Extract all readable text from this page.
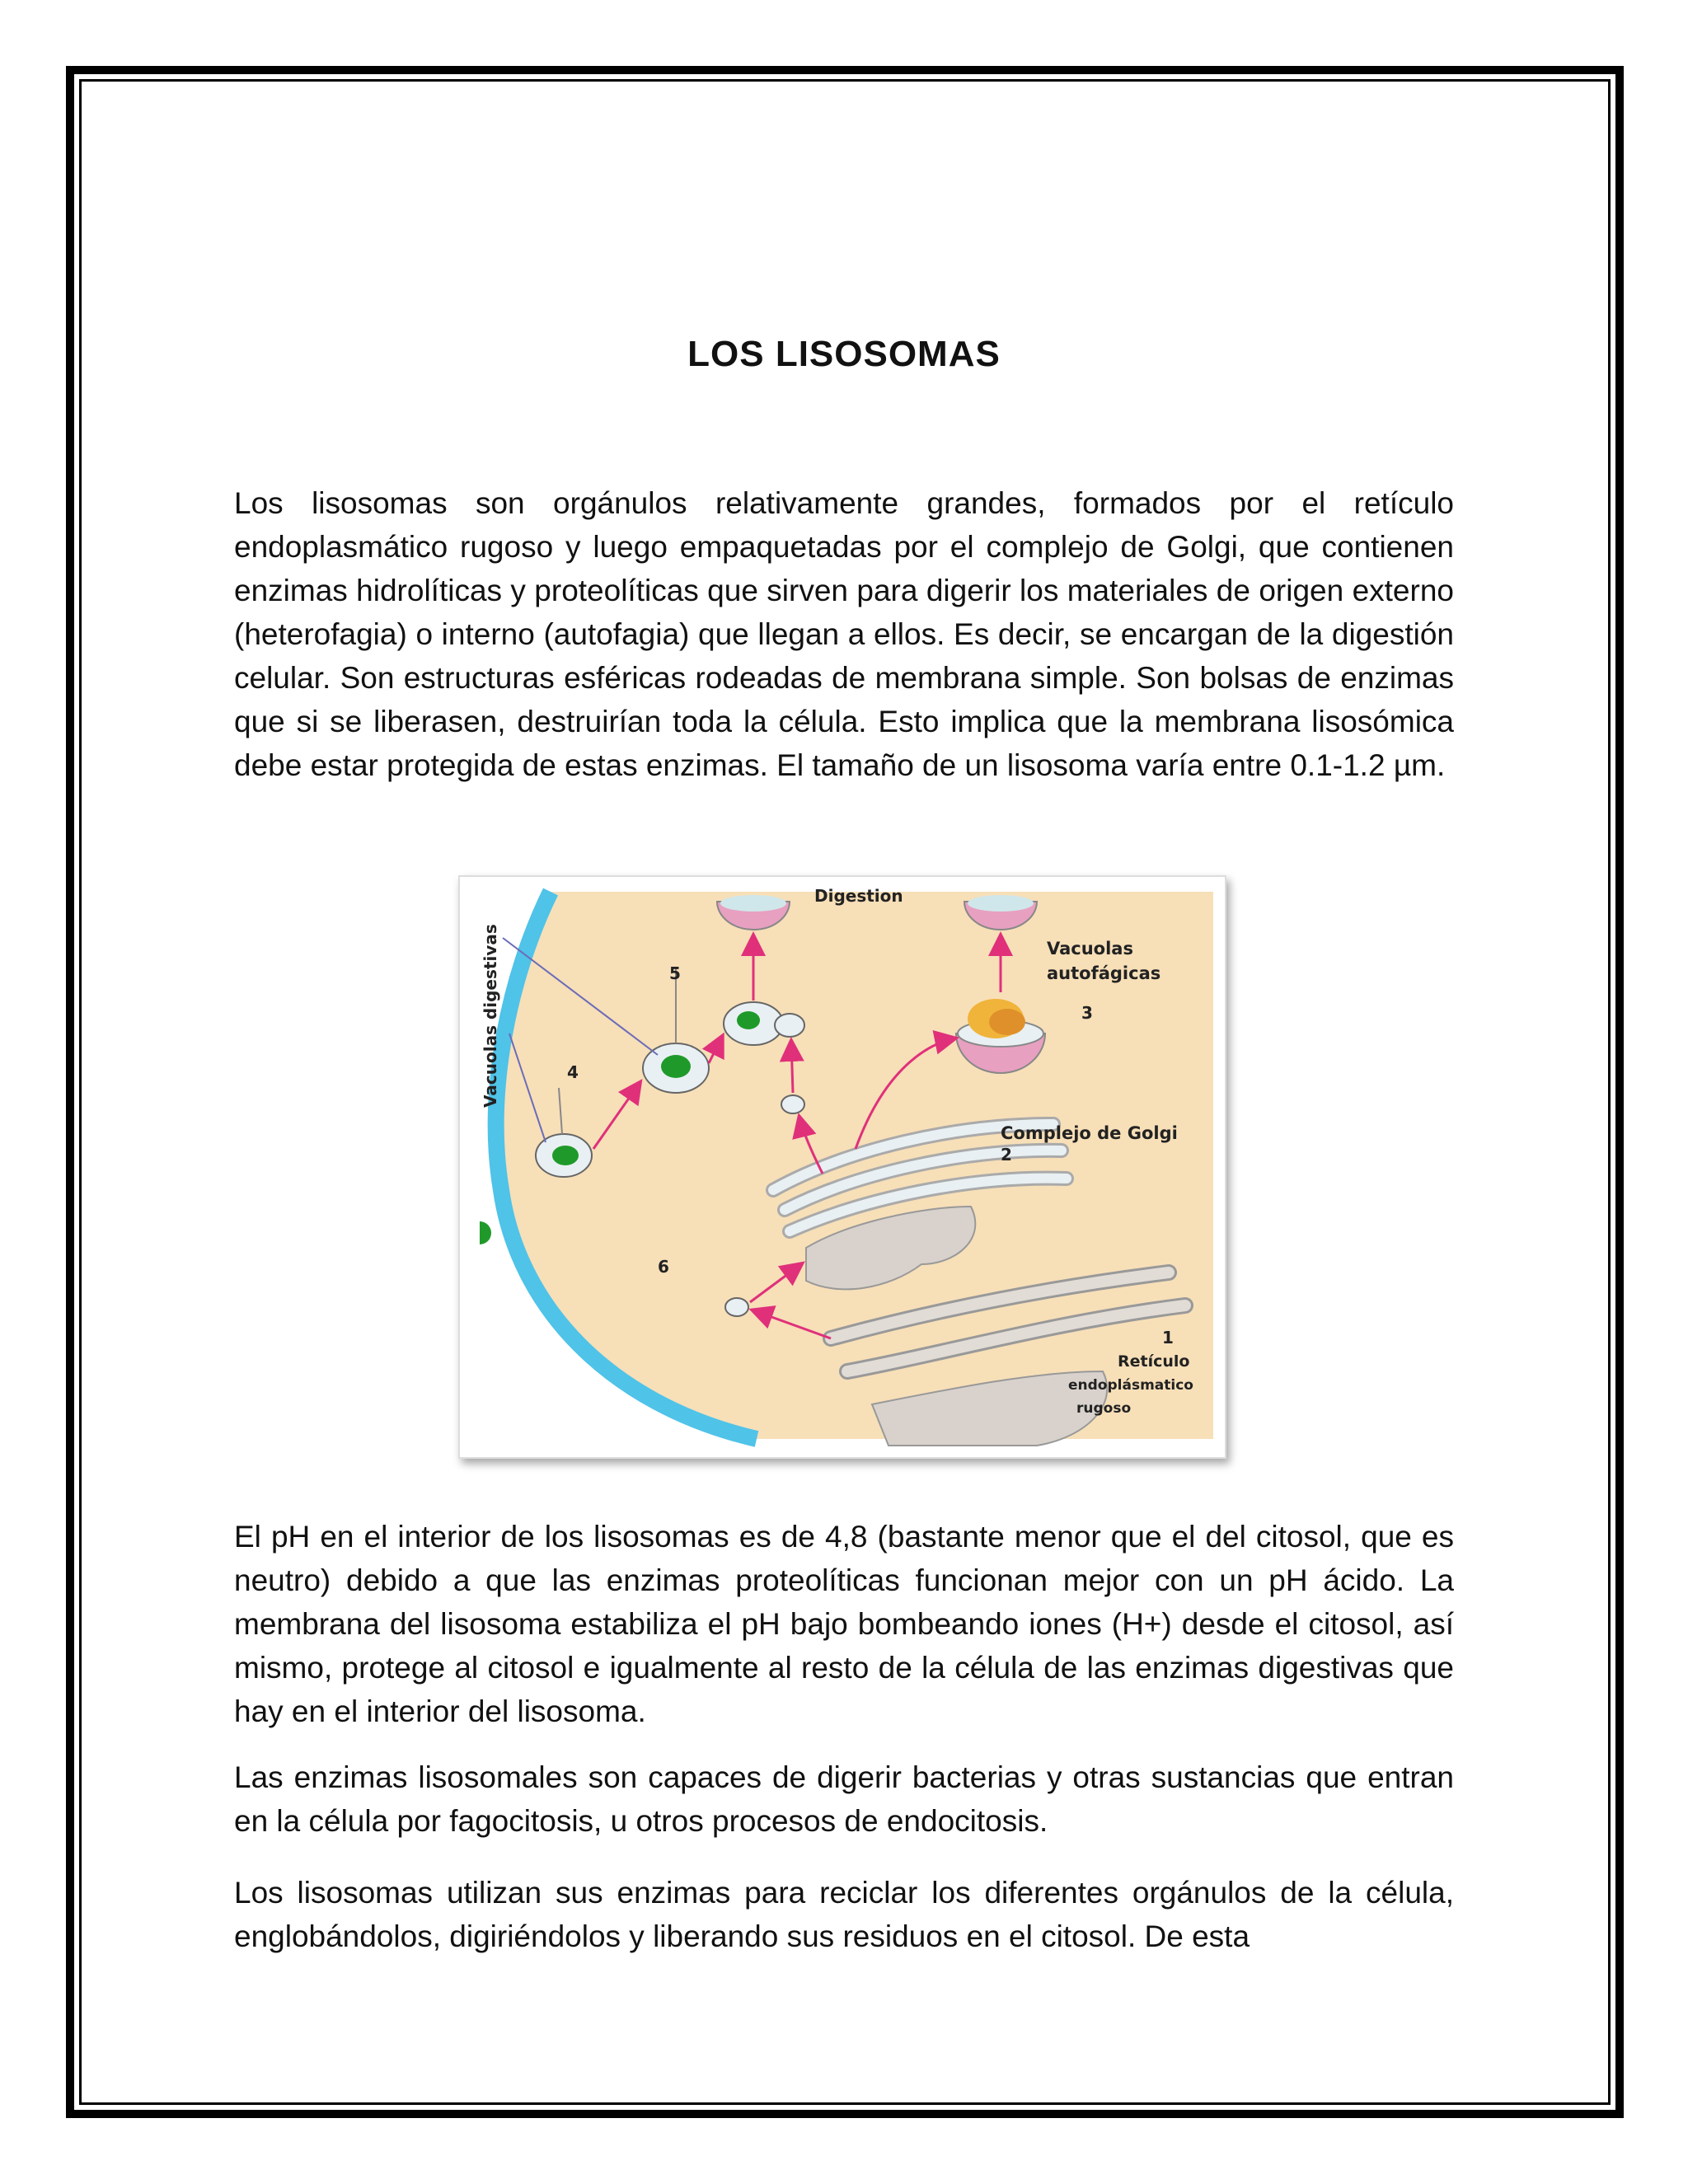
LOS LISOSOMAS

Los lisosomas son orgánulos relativamente grandes, formados por el retículo endoplasmático rugoso y luego empaquetadas por el complejo de Golgi, que contienen enzimas hidrolíticas y proteolíticas que sirven para digerir los materiales de origen externo (heterofagia) o interno (autofagia) que llegan a ellos. Es decir, se encargan de la digestión celular. Son estructuras esféricas rodeadas de membrana simple. Son bolsas de enzimas que si se liberasen, destruirían toda la célula. Esto implica que la membrana lisosómica debe estar protegida de estas enzimas. El tamaño de un lisosoma varía entre 0.1-1.2 µm.

Digestion
Vacuolas
autofágicas
3
Complejo de Golgi
2
1
Retículo
endoplásmatico
rugoso
5
4
6
Vacuolas digestivas

El pH en el interior de los lisosomas es de 4,8 (bastante menor que el del citosol, que es neutro) debido a que las enzimas proteolíticas funcionan mejor con un pH ácido. La membrana del lisosoma estabiliza el pH bajo bombeando iones (H+) desde el citosol, así mismo, protege al citosol e igualmente al resto de la célula de las enzimas digestivas que hay en el interior del lisosoma.

Las enzimas lisosomales son capaces de digerir bacterias y otras sustancias que entran en la célula por fagocitosis, u otros procesos de endocitosis.

Los lisosomas utilizan sus enzimas para reciclar los diferentes orgánulos de la célula, englobándolos, digiriéndolos y liberando sus residuos en el citosol. De esta
